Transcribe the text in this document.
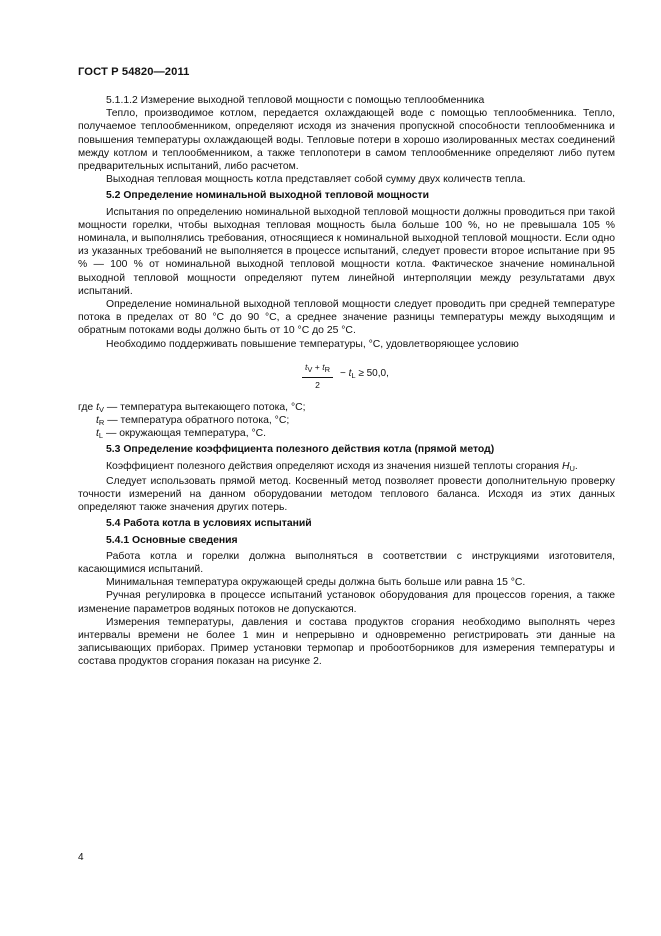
ГОСТ Р 54820—2011

5.1.1.2 Измерение выходной тепловой мощности с помощью теплообменника

Тепло, производимое котлом, передается охлаждающей воде с помощью теплообменника. Тепло, получаемое теплообменником, определяют исходя из значения пропускной способности теплообменника и повышения температуры охлаждающей воды. Тепловые потери в хорошо изолированных местах соединений между котлом и теплообменником, а также теплопотери в самом теплообменнике определяют либо путем предварительных испытаний, либо расчетом.

Выходная тепловая мощность котла представляет собой сумму двух количеств тепла.

5.2 Определение номинальной выходной тепловой мощности

Испытания по определению номинальной выходной тепловой мощности должны проводиться при такой мощности горелки, чтобы выходная тепловая мощность была больше 100 %, но не превышала 105 % номинала, и выполнялись требования, относящиеся к номинальной выходной тепловой мощности. Если одно из указанных требований не выполняется в процессе испытаний, следует провести второе испытание при 95 % — 100 % от номинальной выходной тепловой мощности котла. Фактическое значение номинальной выходной тепловой мощности определяют путем линейной интерполяции между результатами двух испытаний.

Определение номинальной выходной тепловой мощности следует проводить при средней температуре потока в пределах от 80 °С до 90 °С, а среднее значение разницы температуры между выходящим и обратным потоками воды должно быть от 10 °С до 25 °С.

Необходимо поддерживать повышение температуры, °С, удовлетворяющее условию

$\frac{t_V + t_R}{2} - t_L \ge 50,0$,
где $t_V$ — температура вытекающего потока, °С;
$t_R$ — температура обратного потока, °С;
$t_L$ — окружающая температура, °С.

5.3 Определение коэффициента полезного действия котла (прямой метод)

Коэффициент полезного действия определяют исходя из значения низшей теплоты сгорания $H_U$.

Следует использовать прямой метод. Косвенный метод позволяет провести дополнительную проверку точности измерений на данном оборудовании методом теплового баланса. Исходя из этих данных определяют также значения других потерь.

5.4 Работа котла в условиях испытаний

5.4.1 Основные сведения

Работа котла и горелки должна выполняться в соответствии с инструкциями изготовителя, касающимися испытаний.

Минимальная температура окружающей среды должна быть больше или равна 15 °С.

Ручная регулировка в процессе испытаний установок оборудования для процессов горения, а также изменение параметров водяных потоков не допускаются.

Измерения температуры, давления и состава продуктов сгорания необходимо выполнять через интервалы времени не более 1 мин и непрерывно и одновременно регистрировать эти данные на записывающих приборах. Пример установки термопар и пробоотборников для измерения температуры и состава продуктов сгорания показан на рисунке 2.

4
